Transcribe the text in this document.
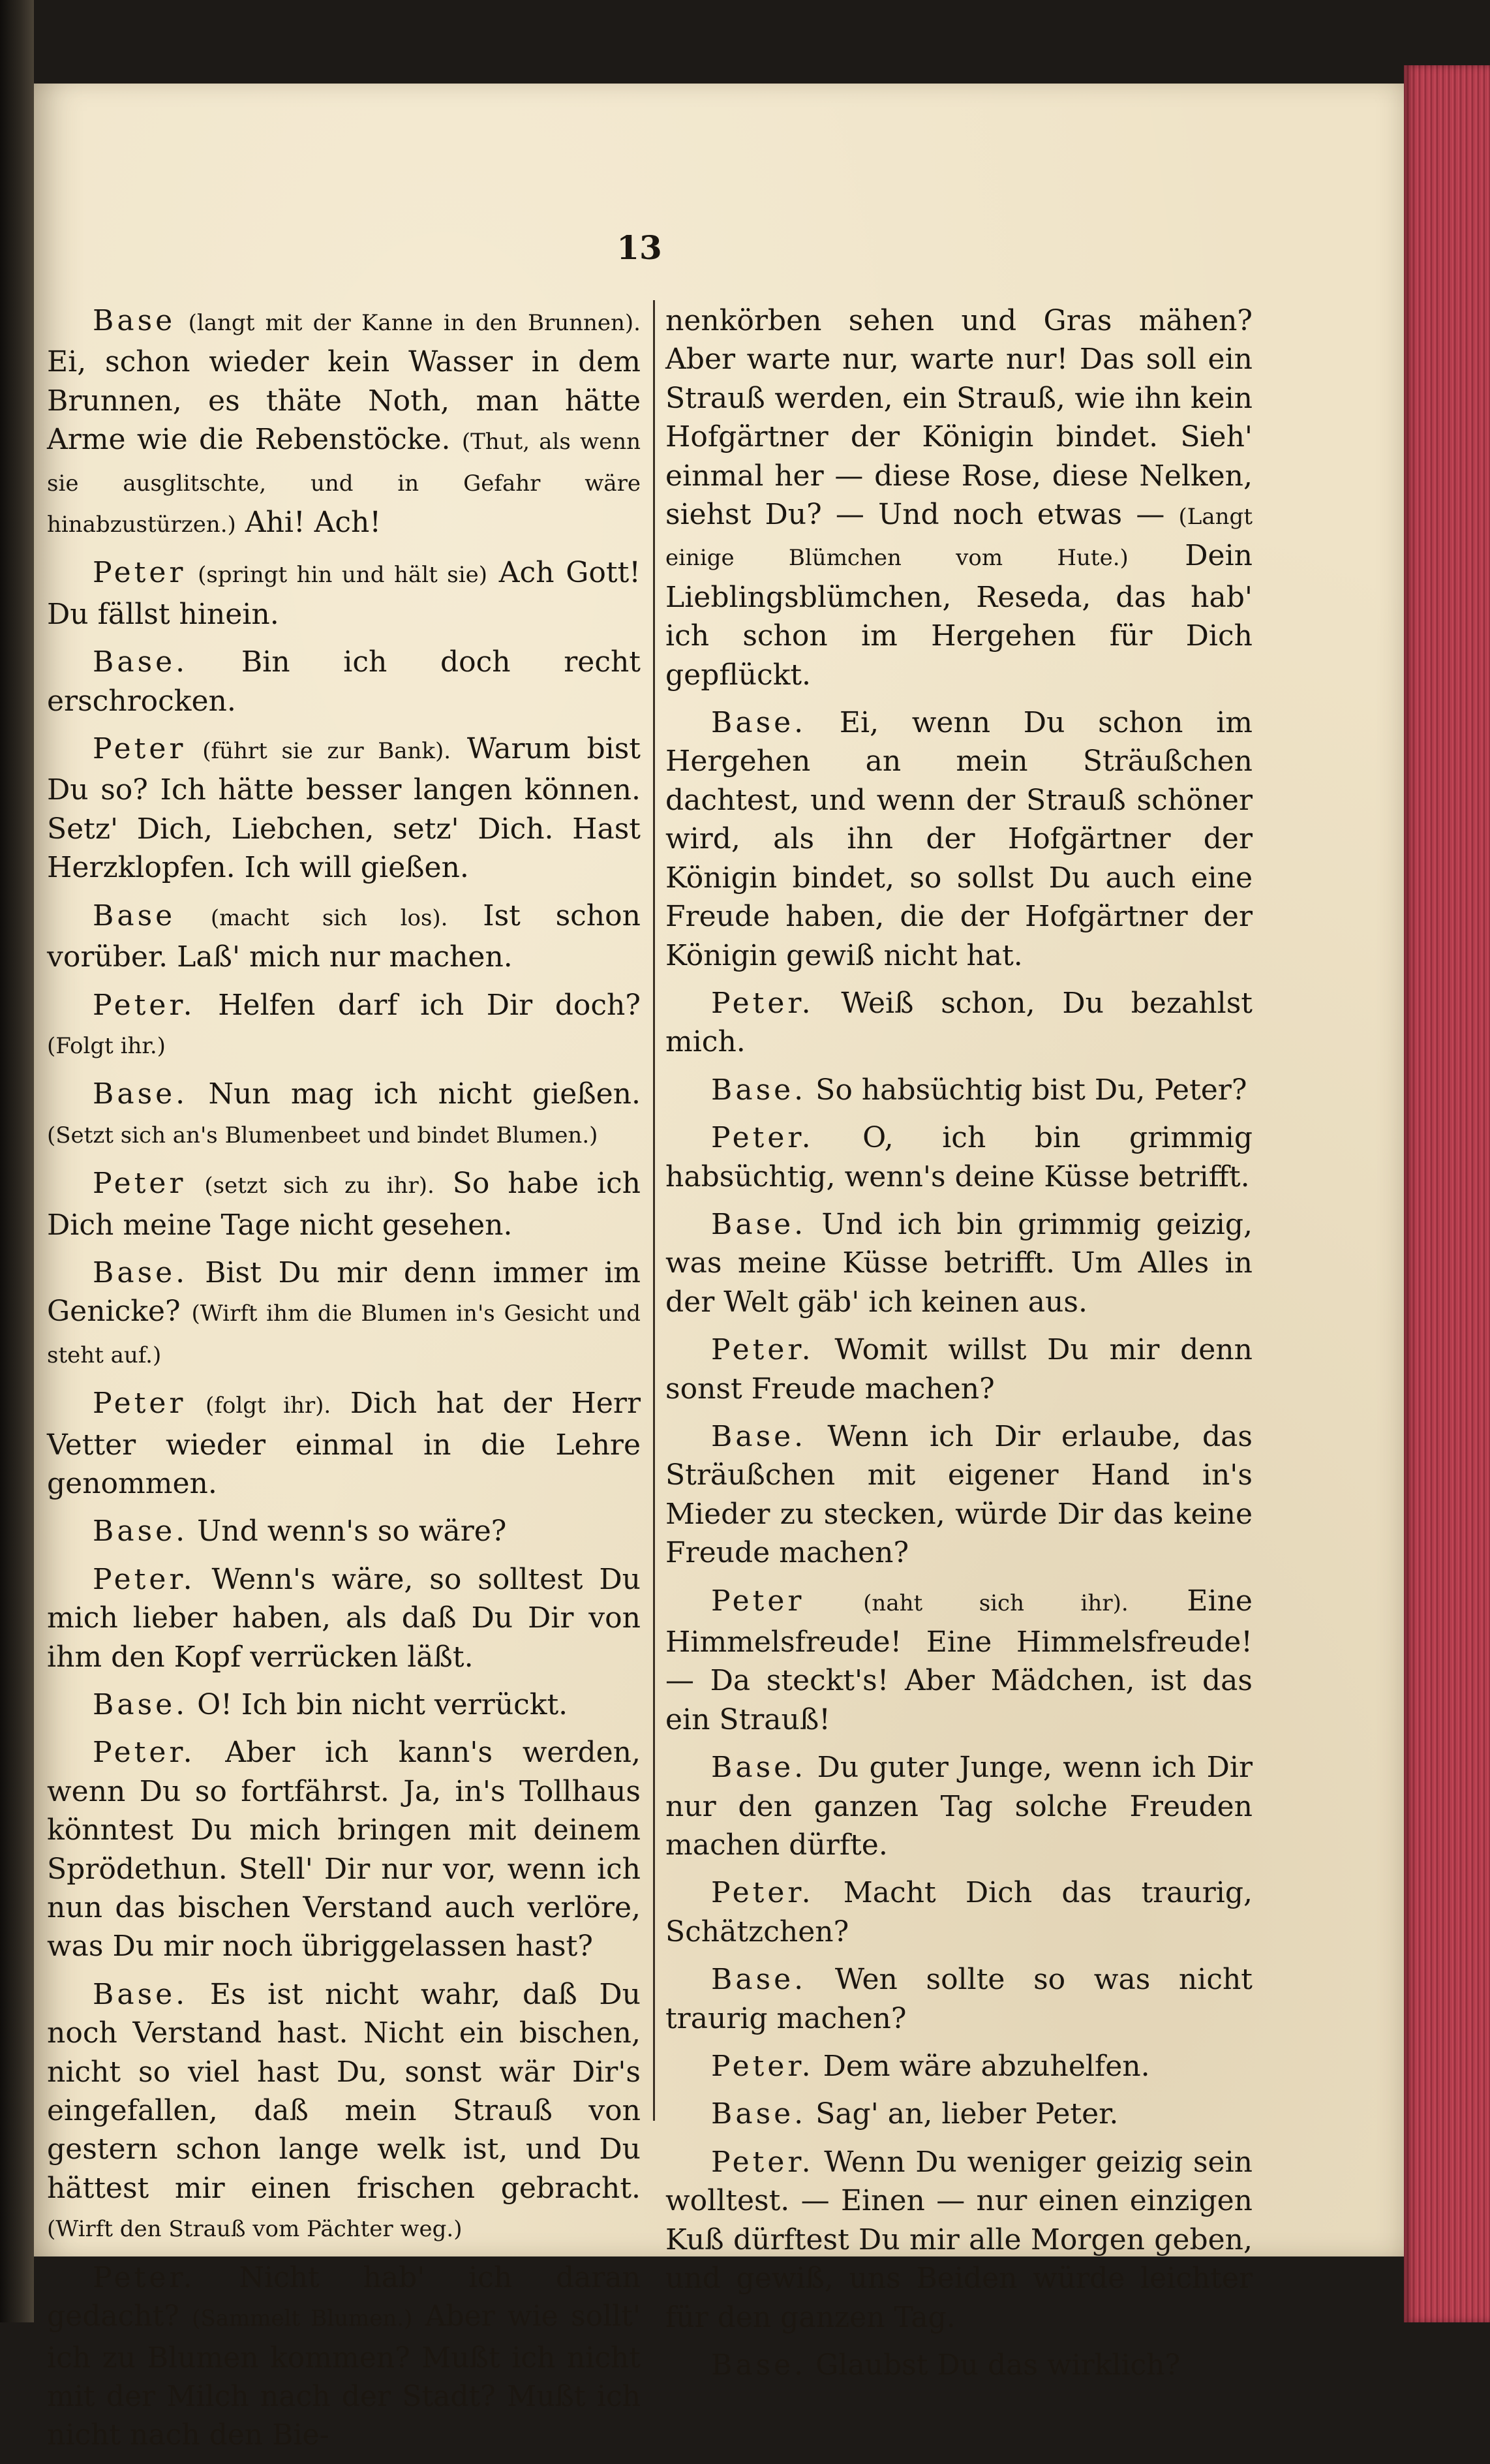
13

Base (langt mit der Kanne in den Brunnen). Ei, schon wieder kein Wasser in dem Brunnen, es thäte Noth, man hätte Arme wie die Rebenstöcke. (Thut, als wenn sie ausglitschte, und in Gefahr wäre hinabzustürzen.) Ahi! Ach!

Peter (springt hin und hält sie) Ach Gott! Du fällst hinein.

Base. Bin ich doch recht erschrocken.

Peter (führt sie zur Bank). Warum bist Du so? Ich hätte besser langen können. Setz' Dich, Liebchen, setz' Dich. Hast Herzklopfen. Ich will gießen.

Base (macht sich los). Ist schon vorüber. Laß' mich nur machen.

Peter. Helfen darf ich Dir doch? (Folgt ihr.)

Base. Nun mag ich nicht gießen. (Setzt sich an's Blumenbeet und bindet Blumen.)

Peter (setzt sich zu ihr). So habe ich Dich meine Tage nicht gesehen.

Base. Bist Du mir denn immer im Genicke? (Wirft ihm die Blumen in's Gesicht und steht auf.)

Peter (folgt ihr). Dich hat der Herr Vetter wieder einmal in die Lehre genommen.

Base. Und wenn's so wäre?

Peter. Wenn's wäre, so solltest Du mich lieber haben, als daß Du Dir von ihm den Kopf verrücken läßt.

Base. O! Ich bin nicht verrückt.

Peter. Aber ich kann's werden, wenn Du so fortfährst. Ja, in's Tollhaus könntest Du mich bringen mit deinem Sprödethun. Stell' Dir nur vor, wenn ich nun das bischen Verstand auch verlöre, was Du mir noch übriggelassen hast?

Base. Es ist nicht wahr, daß Du noch Verstand hast. Nicht ein bischen, nicht so viel hast Du, sonst wär Dir's eingefallen, daß mein Strauß von gestern schon lange welk ist, und Du hättest mir einen frischen gebracht. (Wirft den Strauß vom Pächter weg.)

Peter. Nicht hab' ich daran gedacht? (Sammelt Blumen.) Aber wie sollt' ich zu Blumen kommen? Mußt ich nicht mit der Milch nach der Stadt? Mußt ich nicht nach den Bie-

nenkörben sehen und Gras mähen? Aber warte nur, warte nur! Das soll ein Strauß werden, ein Strauß, wie ihn kein Hofgärtner der Königin bindet. Sieh' einmal her — diese Rose, diese Nelken, siehst Du? — Und noch etwas — (Langt einige Blümchen vom Hute.) Dein Lieblingsblümchen, Reseda, das hab' ich schon im Hergehen für Dich gepflückt.

Base. Ei, wenn Du schon im Hergehen an mein Sträußchen dachtest, und wenn der Strauß schöner wird, als ihn der Hofgärtner der Königin bindet, so sollst Du auch eine Freude haben, die der Hofgärtner der Königin gewiß nicht hat.

Peter. Weiß schon, Du bezahlst mich.

Base. So habsüchtig bist Du, Peter?

Peter. O, ich bin grimmig habsüchtig, wenn's deine Küsse betrifft.

Base. Und ich bin grimmig geizig, was meine Küsse betrifft. Um Alles in der Welt gäb' ich keinen aus.

Peter. Womit willst Du mir denn sonst Freude machen?

Base. Wenn ich Dir erlaube, das Sträußchen mit eigener Hand in's Mieder zu stecken, würde Dir das keine Freude machen?

Peter	(naht sich ihr). Eine Himmelsfreude! Eine Himmelsfreude! — Da steckt's! Aber Mädchen, ist das ein Strauß!

Base. Du guter Junge, wenn ich Dir nur den ganzen Tag solche Freuden machen dürfte.

Peter. Macht Dich das traurig, Schätzchen?

Base. Wen sollte so was nicht traurig machen?

Peter. Dem wäre abzuhelfen.

Base. Sag' an, lieber Peter.

Peter. Wenn Du weniger geizig sein wolltest. — Einen — nur einen einzigen Kuß dürftest Du mir alle Morgen geben, und gewiß, uns Beiden würde leichter für den ganzen Tag.

Base. Glaubst Du das wirklich?
